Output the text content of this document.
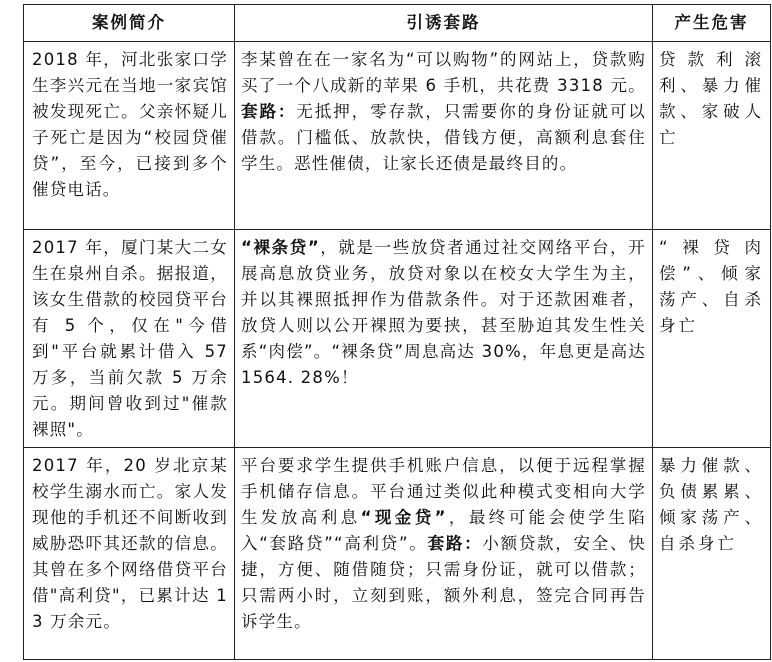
案例简介	引诱套路	产生危害
2018 年，河北张家口学生李兴元在当地一家宾馆被发现死亡。父亲怀疑儿子死亡是因为“校园贷催贷”，至今，已接到多个催贷电话。	李某曾在在一家名为“可以购物”的网站上，贷款购买了一个八成新的苹果 6 手机，共花费 3318 元。套路：无抵押，零存款，只需要你的身份证就可以借款。门槛低、放款快，借钱方便，高额利息套住学生。恶性催债，让家长还债是最终目的。	贷款利滚利、暴力催款、家破人亡
2017 年，厦门某大二女生在泉州自杀。据报道，该女生借款的校园贷平台有 5 个，仅在"今借到"平台就累计借入 57 万多，当前欠款 5 万余元。期间曾收到过"催款裸照"。	“裸条贷”，就是一些放贷者通过社交网络平台，开展高息放贷业务，放贷对象以在校女大学生为主，并以其裸照抵押作为借款条件。对于还款困难者，放贷人则以公开裸照为要挟，甚至胁迫其发生性关系“肉偿”。“裸条贷”周息高达 30%，年息更是高达 1564. 28%！	“裸贷肉偿”、倾家荡产、自杀身亡
2017 年，20 岁北京某校学生溺水而亡。家人发现他的手机还不间断收到威胁恐吓其还款的信息。其曾在多个网络借贷平台借"高利贷"，已累计达 13 万余元。	平台要求学生提供手机账户信息，以便于远程掌握手机储存信息。平台通过类似此种模式变相向大学生发放高利息“现金贷”，最终可能会使学生陷入“套路贷”“高利贷”。套路：小额贷款，安全、快捷，方便、随借随贷；只需身份证，就可以借款；只需两小时，立刻到账，额外利息，签完合同再告诉学生。	暴力催款、负债累累、倾家荡产、自杀身亡
